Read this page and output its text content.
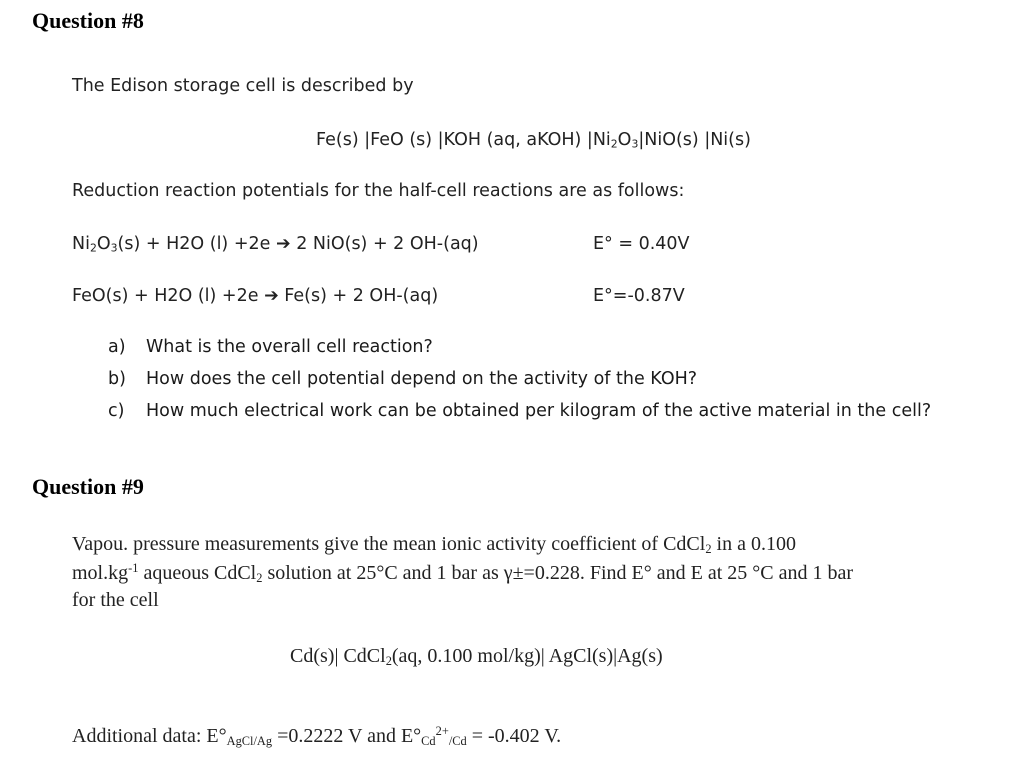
Question #8
The Edison storage cell is described by
Fe(s) |FeO (s) |KOH (aq, aKOH) $|Ni_2O_3|NiO(s)$ |Ni(s)
Reduction reaction potentials for the half-cell reactions are as follows:
$Ni_2O_3(s) + H2O$ (l) +2e ➔ 2 NiO(s) + 2 OH-(aq)	E° = 0.40V
FeO(s) + H2O (l) +2e ➔ Fe(s) + 2 OH-(aq)	E°=-0.87V
a)	What is the overall cell reaction?
b)	How does the cell potential depend on the activity of the KOH?
c)	How much electrical work can be obtained per kilogram of the active material in the cell?
Question #9
Vapou. pressure measurements give the mean ionic activity coefficient of CdCl$_2$ in a 0.100
$mol.kg^{-1}$ aqueous CdCl$_2$ solution at 25°C and 1 bar as γ±=0.228. Find E° and E at 25 °C and 1 bar
for the cell
Cd(s)| CdCl$_2$(aq, 0.100 mol/kg)| AgCl(s)|Ag(s)
Additional data: $E^\circ_{AgCl/Ag} =0.2222$ V and $E^\circ_{Cd}^{2+}_{/Cd} = -0.402$ V.
